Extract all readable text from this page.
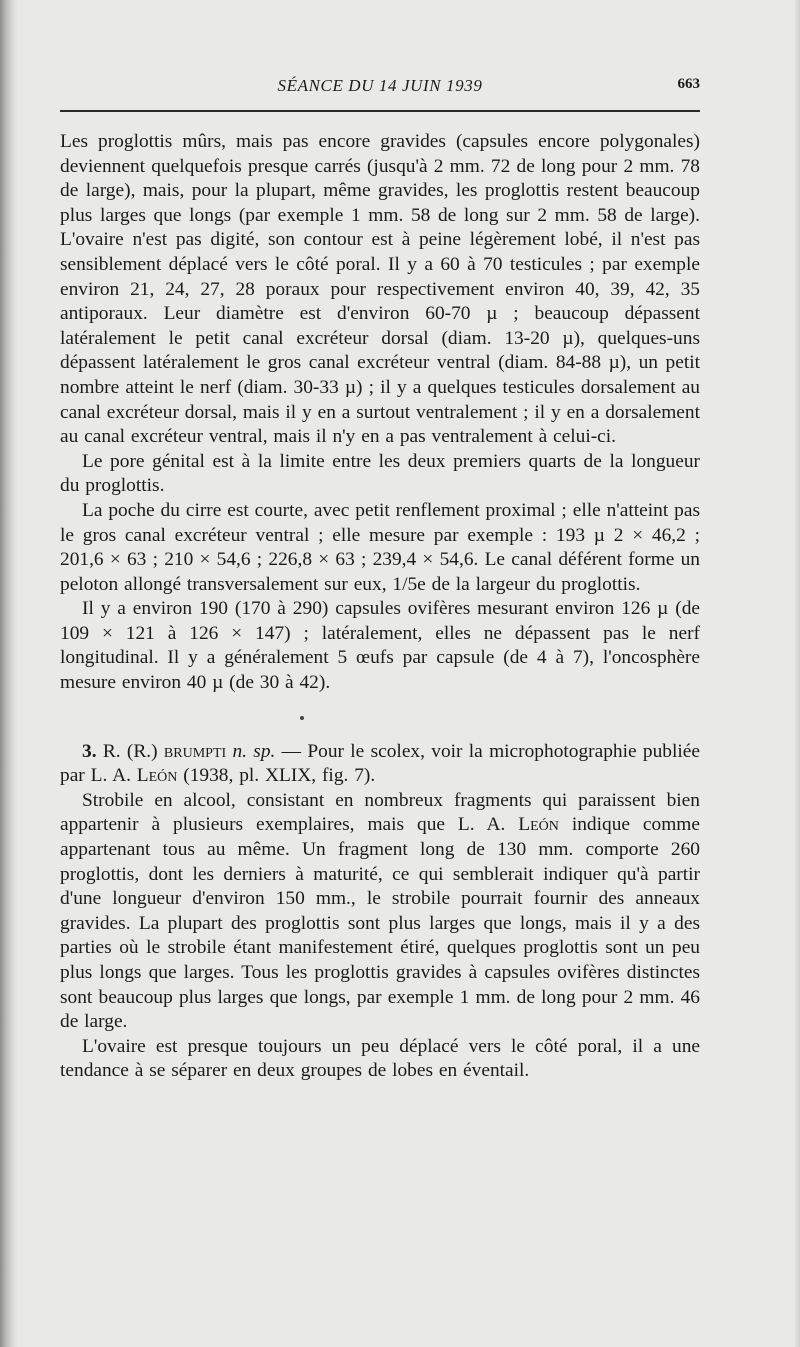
SÉANCE DU 14 JUIN 1939	663

Les proglottis mûrs, mais pas encore gravides (capsules encore polygonales) deviennent quelquefois presque carrés (jusqu'à 2 mm. 72 de long pour 2 mm. 78 de large), mais, pour la plupart, même gravides, les proglottis restent beaucoup plus larges que longs (par exemple 1 mm. 58 de long sur 2 mm. 58 de large). L'ovaire n'est pas digité, son contour est à peine légèrement lobé, il n'est pas sensiblement déplacé vers le côté poral. Il y a 60 à 70 testicules ; par exemple environ 21, 24, 27, 28 poraux pour respectivement environ 40, 39, 42, 35 antiporaux. Leur diamètre est d'environ 60-70 µ ; beaucoup dépassent latéralement le petit canal excréteur dorsal (diam. 13-20 µ), quelques-uns dépassent latéralement le gros canal excréteur ventral (diam. 84-88 µ), un petit nombre atteint le nerf (diam. 30-33 µ) ; il y a quelques testicules dorsalement au canal excréteur dorsal, mais il y en a surtout ventralement ; il y en a dorsalement au canal excréteur ventral, mais il n'y en a pas ventralement à celui-ci.

Le pore génital est à la limite entre les deux premiers quarts de la longueur du proglottis.

La poche du cirre est courte, avec petit renflement proximal ; elle n'atteint pas le gros canal excréteur ventral ; elle mesure par exemple : 193 µ 2 × 46,2 ; 201,6 × 63 ; 210 × 54,6 ; 226,8 × 63 ; 239,4 × 54,6. Le canal déférent forme un peloton allongé transversalement sur eux, 1/5e de la largeur du proglottis.

Il y a environ 190 (170 à 290) capsules ovifères mesurant environ 126 µ (de 109 × 121 à 126 × 147) ; latéralement, elles ne dépassent pas le nerf longitudinal. Il y a généralement 5 œufs par capsule (de 4 à 7), l'oncosphère mesure environ 40 µ (de 30 à 42).

3. R. (R.) brumpti n. sp. — Pour le scolex, voir la microphotographie publiée par L. A. León (1938, pl. XLIX, fig. 7).

Strobile en alcool, consistant en nombreux fragments qui paraissent bien appartenir à plusieurs exemplaires, mais que L. A. León indique comme appartenant tous au même. Un fragment long de 130 mm. comporte 260 proglottis, dont les derniers à maturité, ce qui semblerait indiquer qu'à partir d'une longueur d'environ 150 mm., le strobile pourrait fournir des anneaux gravides. La plupart des proglottis sont plus larges que longs, mais il y a des parties où le strobile étant manifestement étiré, quelques proglottis sont un peu plus longs que larges. Tous les proglottis gravides à capsules ovifères distinctes sont beaucoup plus larges que longs, par exemple 1 mm. de long pour 2 mm. 46 de large.

L'ovaire est presque toujours un peu déplacé vers le côté poral, il a une tendance à se séparer en deux groupes de lobes en éventail.
